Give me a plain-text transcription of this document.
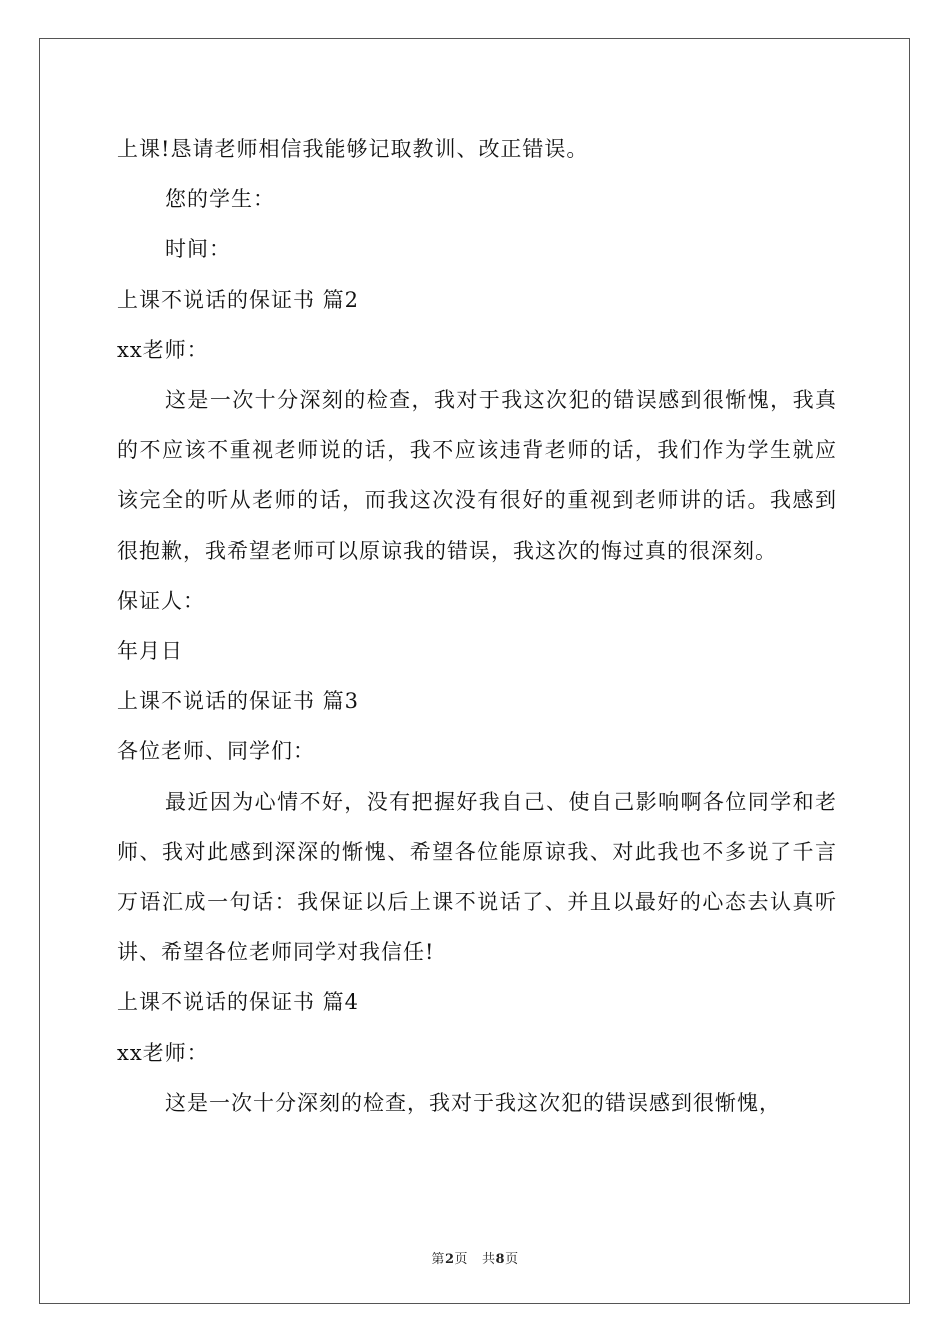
上课!恳请老师相信我能够记取教训、改正错误。
您的学生：
时间：
上课不说话的保证书 篇2
xx老师：

这是一次十分深刻的检查，我对于我这次犯的错误感到很惭愧，我真的不应该不重视老师说的话，我不应该违背老师的话，我们作为学生就应该完全的听从老师的话，而我这次没有很好的重视到老师讲的话。我感到很抱歉，我希望老师可以原谅我的错误，我这次的悔过真的很深刻。

保证人：
年月日
上课不说话的保证书 篇3
各位老师、同学们：

最近因为心情不好，没有把握好我自己、使自己影响啊各位同学和老师、我对此感到深深的惭愧、希望各位能原谅我、对此我也不多说了千言万语汇成一句话：我保证以后上课不说话了、并且以最好的心态去认真听讲、希望各位老师同学对我信任!

上课不说话的保证书 篇4
xx老师：
这是一次十分深刻的检查，我对于我这次犯的错误感到很惭愧，
第2页 共8页
